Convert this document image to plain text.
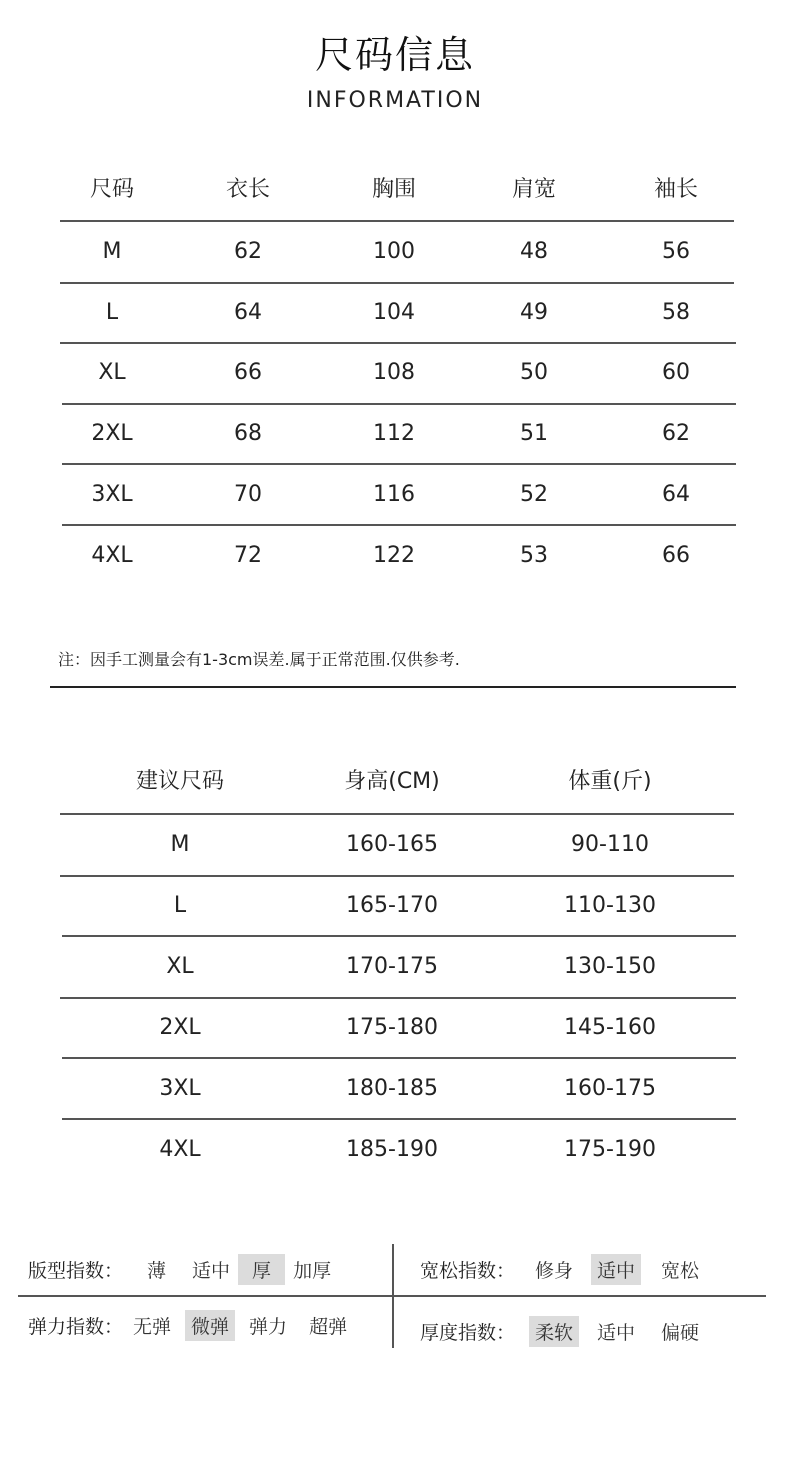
尺码信息
INFORMATION
尺码	衣长	胸围	肩宽	袖长
M	62	100	48	56
L	64	104	49	58
XL	66	108	50	60
2XL	68	112	51	62
3XL	70	116	52	64
4XL	72	122	53	66
注：因手工测量会有1-3cm误差.属于正常范围.仅供参考.
建议尺码	身高(CM)	体重(斤)
M	160-165	90-110
L	165-170	110-130
XL	170-175	130-150
2XL	175-180	145-160
3XL	180-185	160-175
4XL	185-190	175-190
版型指数：	薄	适中	厚	加厚	宽松指数：	修身	适中	宽松
弹力指数： 无弹	微弹	弹力	超弹	厚度指数：	柔软	适中	偏硬
